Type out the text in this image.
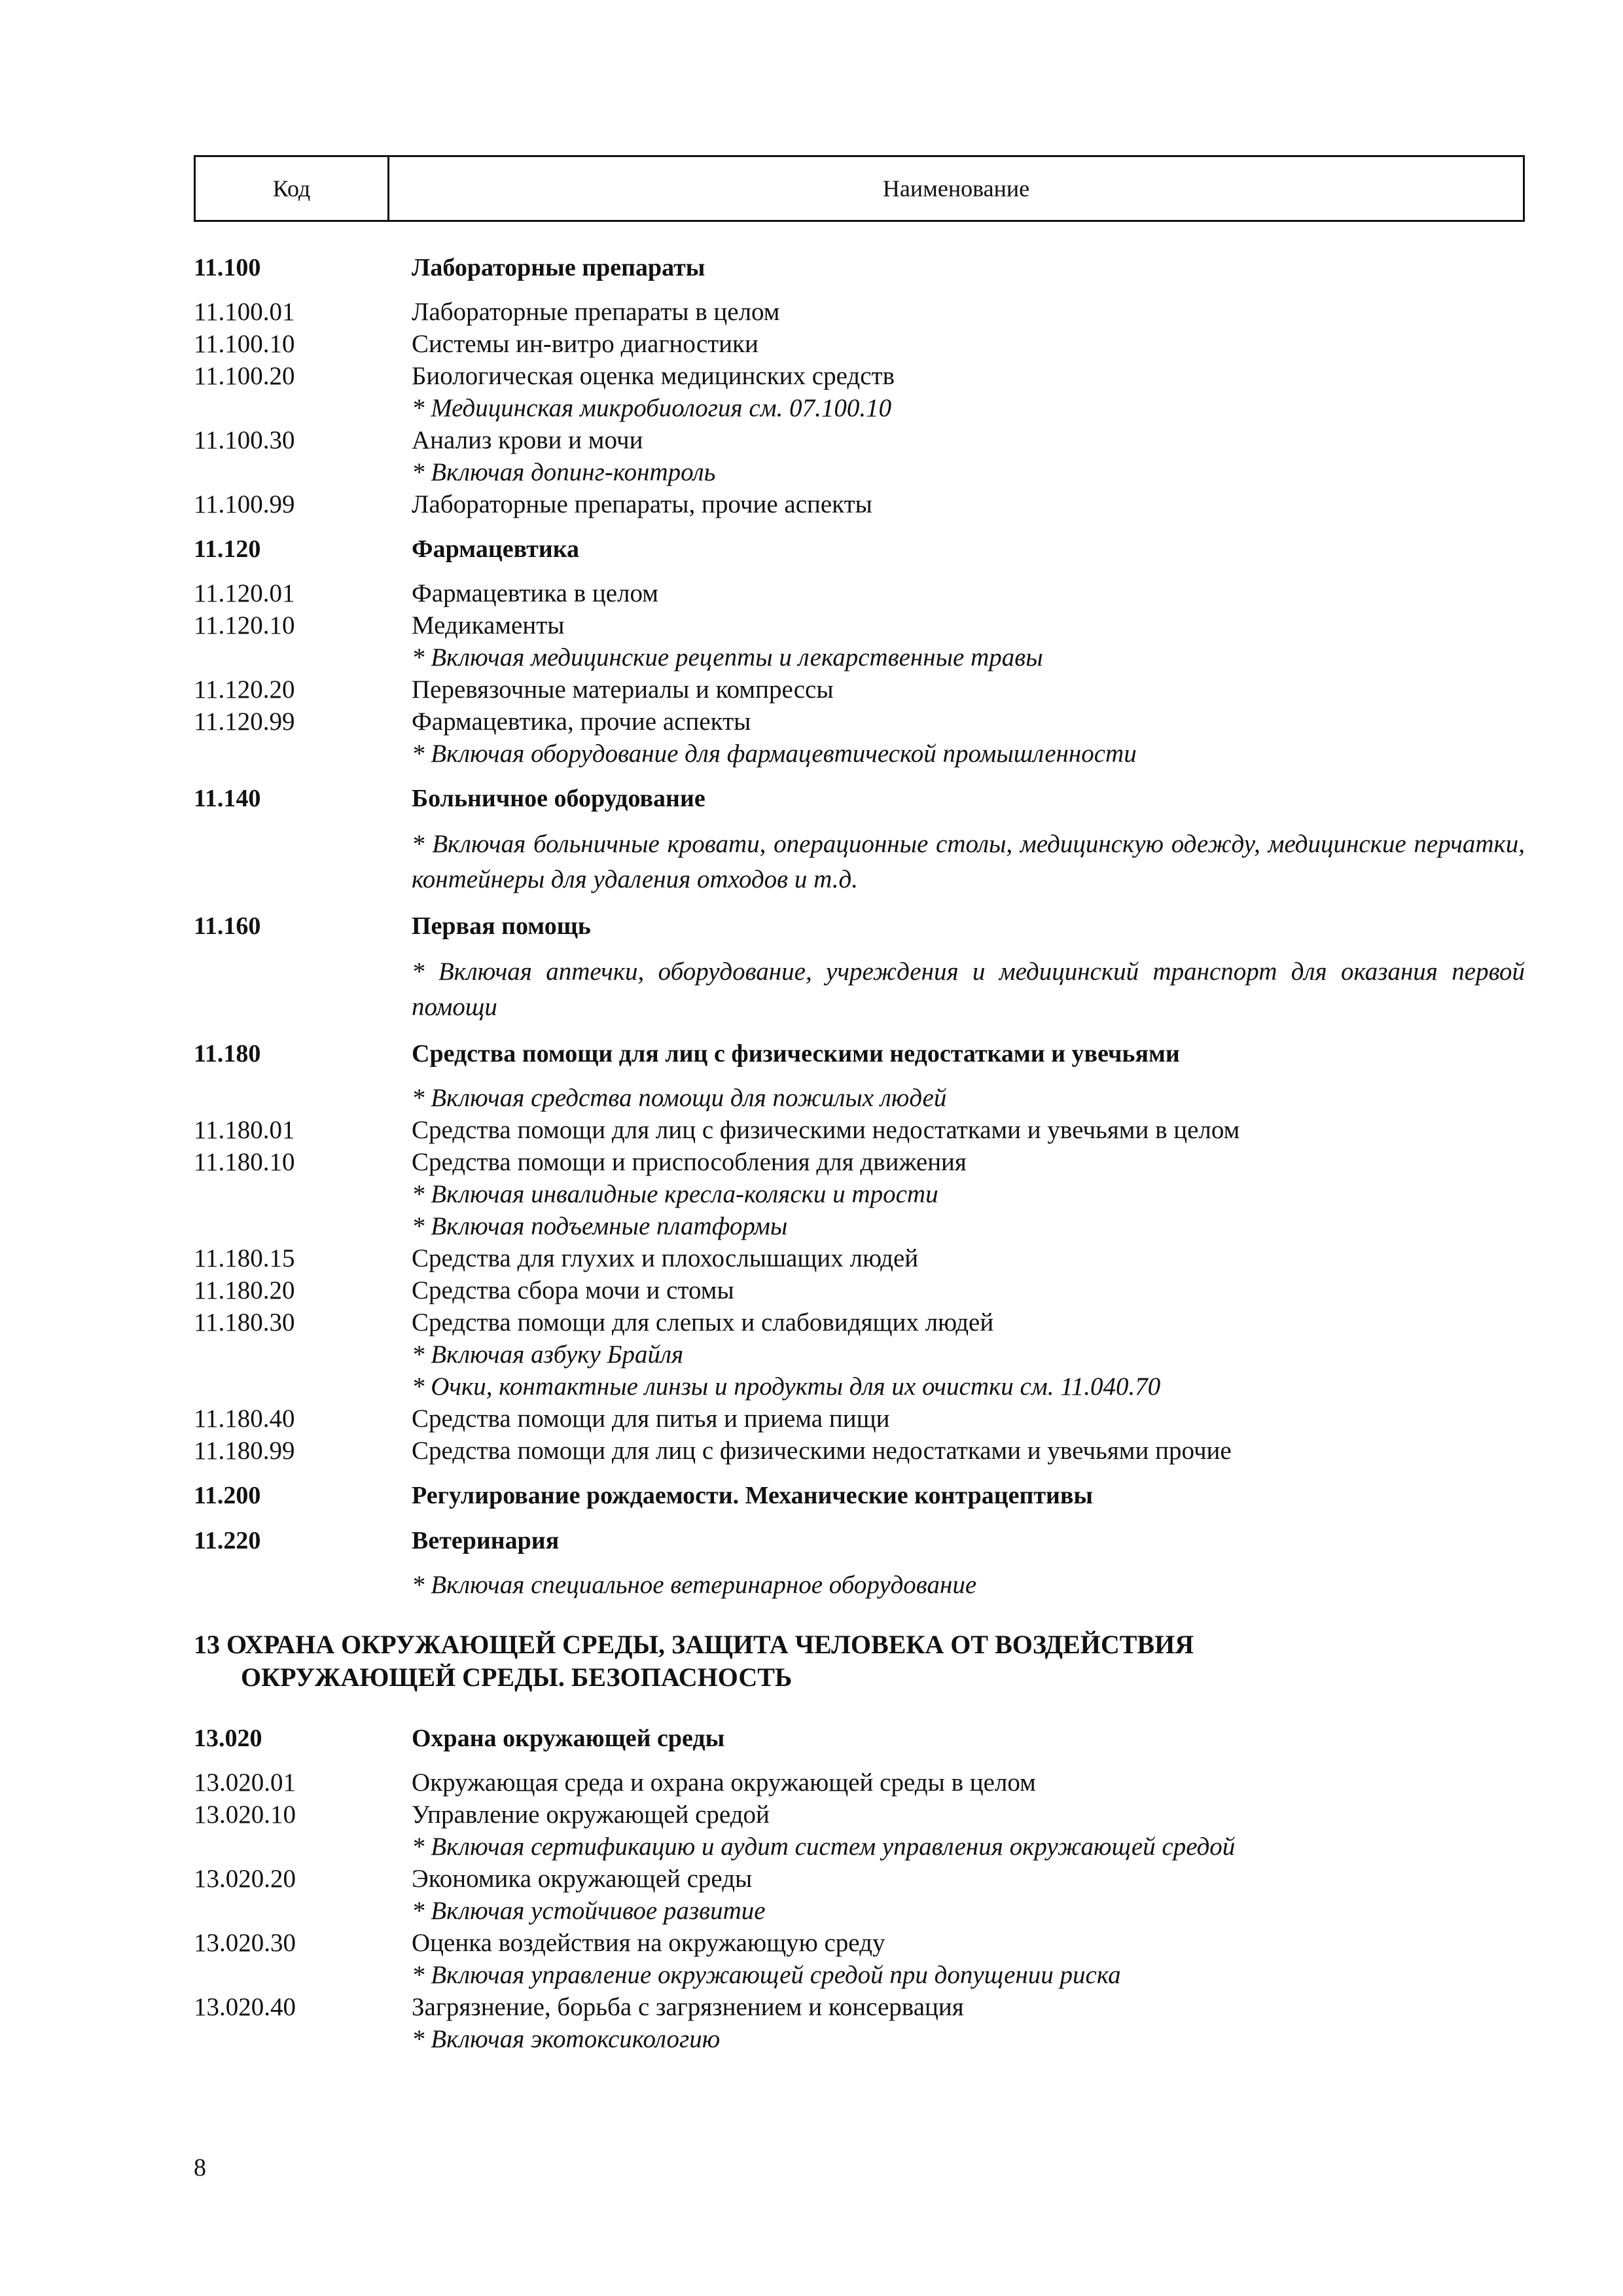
Код	Наименование
11.100	Лабораторные препараты
11.100.01	Лабораторные препараты в целом
11.100.10	Системы ин-витро диагностики
11.100.20	Биологическая оценка медицинских средств
* Медицинская микробиология см. 07.100.10
11.100.30	Анализ крови и мочи
* Включая допинг-контроль
11.100.99	Лабораторные препараты, прочие аспекты
11.120	Фармацевтика
11.120.01	Фармацевтика в целом
11.120.10	Медикаменты
* Включая медицинские рецепты и лекарственные травы
11.120.20	Перевязочные материалы и компрессы
11.120.99	Фармацевтика, прочие аспекты
* Включая оборудование для фармацевтической промышленности
11.140	Больничное оборудование
* Включая больничные кровати, операционные столы, медицинскую одежду, медицинские перчатки, контейнеры для удаления отходов и т.д.
11.160	Первая помощь
* Включая аптечки, оборудование, учреждения и медицинский транспорт для оказания первой помощи
11.180	Средства помощи для лиц с физическими недостатками и увечьями
* Включая средства помощи для пожилых людей
11.180.01	Средства помощи для лиц с физическими недостатками и увечьями в целом
11.180.10	Средства помощи и приспособления для движения
* Включая инвалидные кресла-коляски и трости
* Включая подъемные платформы
11.180.15	Средства для глухих и плохослышащих людей
11.180.20	Средства сбора мочи и стомы
11.180.30	Средства помощи для слепых и слабовидящих людей
* Включая азбуку Брайля
* Очки, контактные линзы и продукты для их очистки см. 11.040.70
11.180.40	Средства помощи для питья и приема пищи
11.180.99	Средства помощи для лиц с физическими недостатками и увечьями прочие
11.200	Регулирование рождаемости. Механические контрацептивы
11.220	Ветеринария
* Включая специальное ветеринарное оборудование
13 ОХРАНА ОКРУЖАЮЩЕЙ СРЕДЫ, ЗАЩИТА ЧЕЛОВЕКА ОТ ВОЗДЕЙСТВИЯ
ОКРУЖАЮЩЕЙ СРЕДЫ. БЕЗОПАСНОСТЬ
13.020	Охрана окружающей среды
13.020.01	Окружающая среда и охрана окружающей среды в целом
13.020.10	Управление окружающей средой
* Включая сертификацию и аудит систем управления окружающей средой
13.020.20	Экономика окружающей среды
* Включая устойчивое развитие
13.020.30	Оценка воздействия на окружающую среду
* Включая управление окружающей средой при допущении риска
13.020.40	Загрязнение, борьба с загрязнением и консервация
* Включая экотоксикологию
8
